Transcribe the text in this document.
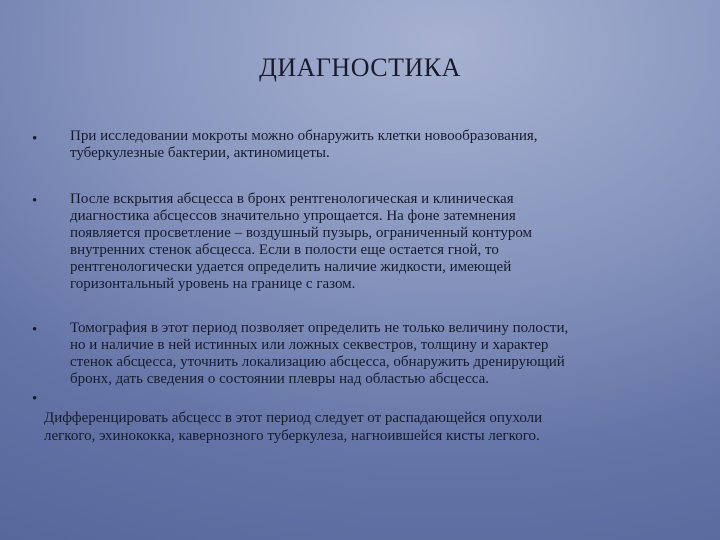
ДИАГНОСТИКА
• При исследовании мокроты можно обнаружить клетки новообразования,
туберкулезные бактерии, актиномицеты.
• После вскрытия абсцесса в бронх рентгенологическая и клиническая
диагностика абсцессов значительно упрощается. На фоне затемнения
появляется просветление – воздушный пузырь, ограниченный контуром
внутренних стенок абсцесса. Если в полости еще остается гной, то
рентгенологически удается определить наличие жидкости, имеющей
горизонтальный уровень на границе с газом.
• Томография в этот период позволяет определить не только величину полости,
но и наличие в ней истинных или ложных секвестров, толщину и характер
стенок абсцесса, уточнить локализацию абсцесса, обнаружить дренирующий
бронх, дать сведения о состоянии плевры над областью абсцесса.
•
Дифференцировать абсцесс в этот период следует от распадающейся опухоли
легкого, эхинококка, кавернозного туберкулеза, нагноившейся кисты легкого.
